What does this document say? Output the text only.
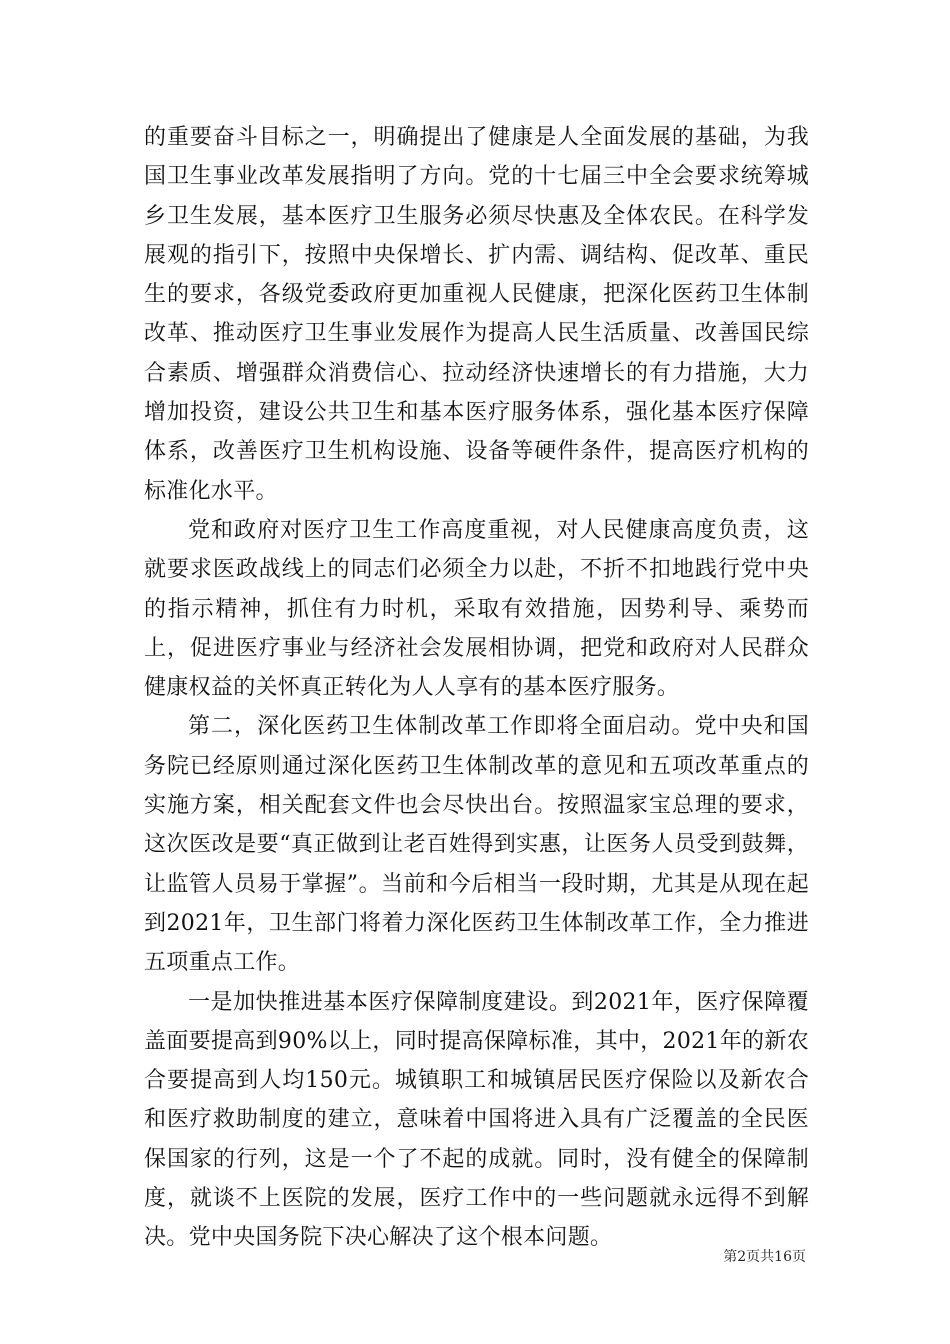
的重要奋斗目标之一，明确提出了健康是人全面发展的基础，为我国卫生事业改革发展指明了方向。党的十七届三中全会要求统筹城乡卫生发展，基本医疗卫生服务必须尽快惠及全体农民。在科学发展观的指引下，按照中央保增长、扩内需、调结构、促改革、重民生的要求，各级党委政府更加重视人民健康，把深化医药卫生体制改革、推动医疗卫生事业发展作为提高人民生活质量、改善国民综合素质、增强群众消费信心、拉动经济快速增长的有力措施，大力增加投资，建设公共卫生和基本医疗服务体系，强化基本医疗保障体系，改善医疗卫生机构设施、设备等硬件条件，提高医疗机构的标准化水平。

党和政府对医疗卫生工作高度重视，对人民健康高度负责，这就要求医政战线上的同志们必须全力以赴，不折不扣地践行党中央的指示精神，抓住有力时机，采取有效措施，因势利导、乘势而上，促进医疗事业与经济社会发展相协调，把党和政府对人民群众健康权益的关怀真正转化为人人享有的基本医疗服务。

第二，深化医药卫生体制改革工作即将全面启动。党中央和国务院已经原则通过深化医药卫生体制改革的意见和五项改革重点的实施方案，相关配套文件也会尽快出台。按照温家宝总理的要求，这次医改是要“真正做到让老百姓得到实惠，让医务人员受到鼓舞，让监管人员易于掌握”。当前和今后相当一段时期，尤其是从现在起到2021年，卫生部门将着力深化医药卫生体制改革工作，全力推进五项重点工作。

一是加快推进基本医疗保障制度建设。到2021年，医疗保障覆盖面要提高到90%以上，同时提高保障标准，其中，2021年的新农合要提高到人均150元。城镇职工和城镇居民医疗保险以及新农合和医疗救助制度的建立，意味着中国将进入具有广泛覆盖的全民医保国家的行列，这是一个了不起的成就。同时，没有健全的保障制度，就谈不上医院的发展，医疗工作中的一些问题就永远得不到解决。党中央国务院下决心解决了这个根本问题。

第2页共16页
